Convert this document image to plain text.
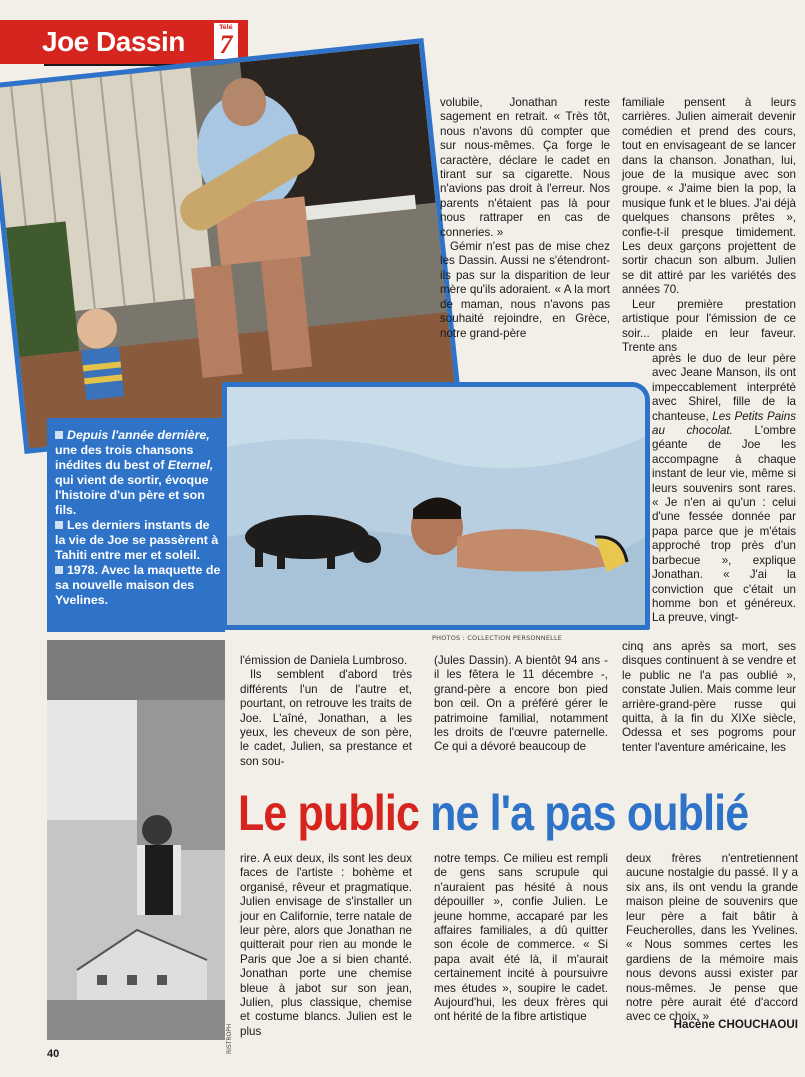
Joe Dassin	Télé
7

volubile, Jonathan reste sagement en retrait. « Très tôt, nous n'avons dû compter que sur nous-mêmes. Ça forge le caractère, déclare le cadet en tirant sur sa cigarette. Nous n'avions pas droit à l'erreur. Nos parents n'étaient pas là pour nous rattraper en cas de conneries. »

Gémir n'est pas de mise chez les Dassin. Aussi ne s'étendront-ils pas sur la disparition de leur mère qu'ils adoraient. « A la mort de maman, nous n'avons pas souhaité rejoindre, en Grèce, notre grand-père

familiale pensent à leurs carrières. Julien aimerait devenir comédien et prend des cours, tout en envisageant de se lancer dans la chanson. Jonathan, lui, joue de la musique avec son groupe. « J'aime bien la pop, la musique funk et le blues. J'ai déjà quelques chansons prêtes », confie-t-il presque timidement. Les deux garçons projettent de sortir chacun son album. Julien se dit attiré par les variétés des années 70.

Leur première prestation artistique pour l'émission de ce soir... plaide en leur faveur. Trente ans

après le duo de leur père avec Jeane Manson, ils ont impeccablement interprété avec Shirel, fille de la chanteuse, Les Petits Pains au chocolat. L'ombre géante de Joe les accompagne à chaque instant de leur vie, même si leurs souvenirs sont rares. « Je n'en ai qu'un : celui d'une fessée donnée par papa parce que je m'étais approché trop près d'un barbecue », explique Jonathan. « J'ai la conviction que c'était un homme bon et généreux. La preuve, vingt-

Depuis l'année dernière, une des trois chansons inédites du best of Eternel, qui vient de sortir, évoque l'histoire d'un père et son fils.
Les derniers instants de la vie de Joe se passèrent à Tahiti entre mer et soleil.
1978. Avec la maquette de sa nouvelle maison des Yvelines.
PHOTOS : COLLECTION PERSONNELLE

cinq ans après sa mort, ses disques continuent à se vendre et le public ne l'a pas oublié », constate Julien. Mais comme leur arrière-grand-père russe qui quitta, à la fin du XIXe siècle, Odessa et ses pogroms pour tenter l'aventure américaine, les

l'émission de Daniela Lumbroso.

Ils semblent d'abord très différents l'un de l'autre et, pourtant, on retrouve les traits de Joe. L'aîné, Jonathan, a les yeux, les cheveux de son père, le cadet, Julien, sa prestance et son sou-

(Jules Dassin). A bientôt 94 ans - il les fêtera le 11 décembre -, grand-père a encore bon pied bon œil. On a préféré gérer le patrimoine familial, notamment les droits de l'œuvre paternelle. Ce qui a dévoré beaucoup de

Le public ne l'a pas oublié

rire. A eux deux, ils sont les deux faces de l'artiste : bohème et organisé, rêveur et pragmatique. Julien envisage de s'installer un jour en Californie, terre natale de leur père, alors que Jonathan ne quitterait pour rien au monde le Paris que Joe a si bien chanté. Jonathan porte une chemise bleue à jabot sur son jean, Julien, plus classique, chemise et costume blancs. Julien est le plus

notre temps. Ce milieu est rempli de gens sans scrupule qui n'auraient pas hésité à nous dépouiller », confie Julien. Le jeune homme, accaparé par les affaires familiales, a dû quitter son école de commerce. « Si papa avait été là, il m'aurait certainement incité à poursuivre mes études », soupire le cadet. Aujourd'hui, les deux frères qui ont hérité de la fibre artistique

deux frères n'entretiennent aucune nostalgie du passé. Il y a six ans, ils ont vendu la grande maison pleine de souvenirs que leur père a fait bâtir à Feucherolles, dans les Yvelines. « Nous sommes certes les gardiens de la mémoire mais nous devons aussi exister par nous-mêmes. Je pense que notre père aurait été d'accord avec ce choix. »

Hacène CHOUCHAOUI
RISTROPH
40
